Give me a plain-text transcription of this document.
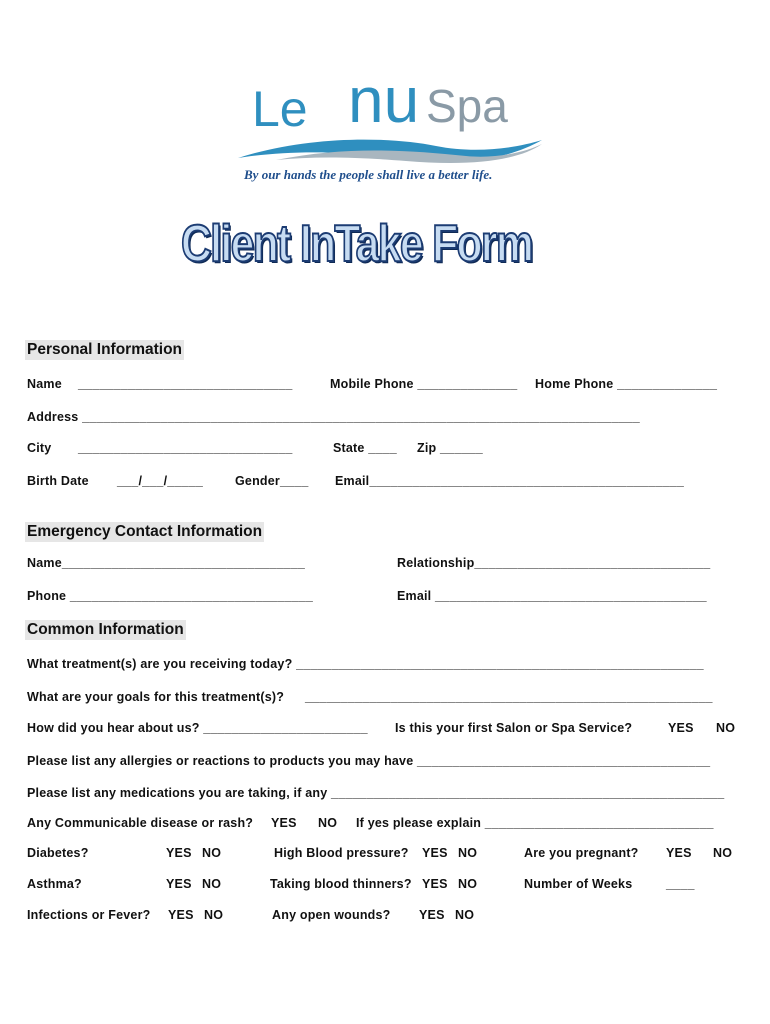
Le nu Spa
By our hands the people shall live a better life.
Client InTake Form
Personal Information
Name ______________________________	Mobile Phone ______________ Home Phone ______________
Address ______________________________________________________________________________
City ______________________________	State ____ Zip ______
Birth Date ___/___/_____	Gender____ Email____________________________________________
Emergency Contact Information
Name__________________________________	Relationship_________________________________
Phone __________________________________	Email ______________________________________
Common Information
What treatment(s) are you receiving today? _________________________________________________________
What are your goals for this treatment(s)? _________________________________________________________
How did you hear about us? _______________________ Is this your first Salon or Spa Service?	YES NO
Please list any allergies or reactions to products you may have _________________________________________
Please list any medications you are taking, if any _______________________________________________________
Any Communicable disease or rash? YES NO If yes please explain ________________________________
Diabetes?	YES NO	High Blood pressure? YES NO	Are you pregnant? YES NO
Asthma?	YES NO	Taking blood thinners? YES NO	Number of Weeks	____
Infections or Fever? YES NO	Any open wounds? YES NO
